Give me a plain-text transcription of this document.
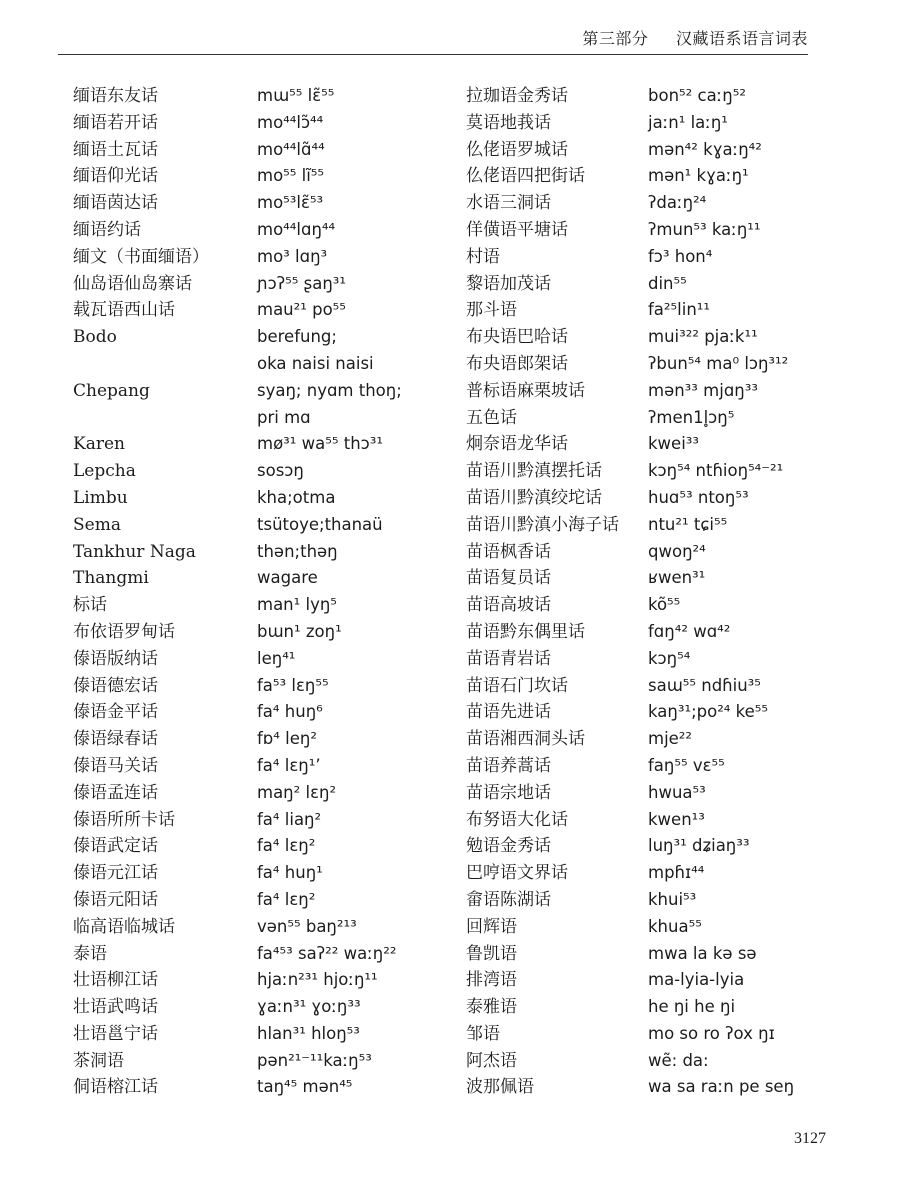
第三部分 汉藏语系语言词表
缅语东友话
缅语若开话
缅语土瓦话
缅语仰光话
缅语茵达话
缅语约话
缅文（书面缅语）
仙岛语仙岛寨话
载瓦语西山话
Bodo
Chepang
Karen
Lepcha
Limbu
Sema
Tankhur Naga
Thangmi
标话
布依语罗甸话
傣语版纳话
傣语德宏话
傣语金平话
傣语绿春话
傣语马关话
傣语孟连话
傣语所所卡话
傣语武定话
傣语元江话
傣语元阳话
临高语临城话
泰语
壮语柳江话
壮语武鸣话
壮语邕宁话
茶洞语
侗语榕江话
mɯ⁵⁵ lɛ̃⁵⁵
mo⁴⁴lɔ̃⁴⁴
mo⁴⁴lɑ̃⁴⁴
mo⁵⁵ lĩ⁵⁵
mo⁵³lɛ̃⁵³
mo⁴⁴lɑŋ⁴⁴
mo³ lɑŋ³
ɲɔʔ⁵⁵ ʂaŋ³¹
mau²¹ po⁵⁵
berefung;
oka naisi naisi
syaŋ; nyɑm thoŋ;
pri mɑ
mø³¹ wa⁵⁵ thɔ³¹
sosɔŋ
kha;otma
tsütoye;thanaü
thən;thəŋ
wagare
man¹ lyŋ⁵
bɯn¹ zoŋ¹
leŋ⁴¹
fa⁵³ lɛŋ⁵⁵
fa⁴ huŋ⁶
fɒ⁴ leŋ²
fa⁴ lɛŋ¹’
maŋ² lɛŋ²
fa⁴ liaŋ²
fa⁴ lɛŋ²
fa⁴ huŋ¹
fa⁴ lɛŋ²
vən⁵⁵ baŋ²¹³
fa⁴⁵³ saʔ²² waːŋ²²
hjaːn²³¹ hjoːŋ¹¹
ɣaːn³¹ ɣoːŋ³³
hlan³¹ hloŋ⁵³
pən²¹⁻¹¹kaːŋ⁵³
taŋ⁴⁵ mən⁴⁵
拉珈语金秀话
莫语地莪话
仫佬语罗城话
仫佬语四把街话
水语三洞话
佯僙语平塘话
村语
黎语加茂话
那斗语
布央语巴哈话
布央语郎架话
普标语麻栗坡话
五色话
炯奈语龙华话
苗语川黔滇摆托话
苗语川黔滇绞坨话
苗语川黔滇小海子话
苗语枫香话
苗语复员话
苗语高坡话
苗语黔东偶里话
苗语青岩话
苗语石门坎话
苗语先进话
苗语湘西洞头话
苗语养蒿话
苗语宗地话
布努语大化话
勉语金秀话
巴哼语文界话
畲语陈湖话
回辉语
鲁凯语
排湾语
泰雅语
邹语
阿杰语
波那佩语
bon⁵² caːŋ⁵²
jaːn¹ laːŋ¹
mən⁴² kɣaːŋ⁴²
mən¹ kɣaːŋ¹
ʔdaːŋ²⁴
ʔmun⁵³ kaːŋ¹¹
fɔ³ hon⁴
din⁵⁵
fa²⁵lin¹¹
mui³²² pjaːk¹¹
ʔbun⁵⁴ ma⁰ lɔŋ³¹²
mən³³ mjɑŋ³³
ʔmen1l̥ɔŋ⁵
kwei³³
kɔŋ⁵⁴ ntɦioŋ⁵⁴⁻²¹
huɑ⁵³ ntoŋ⁵³
ntu²¹ tɕi⁵⁵
qwoŋ²⁴
ʁwen³¹
kõ⁵⁵
fɑŋ⁴² wɑ⁴²
kɔŋ⁵⁴
saɯ⁵⁵ ndɦiu³⁵
kaŋ³¹;po²⁴ ke⁵⁵
mje²²
faŋ⁵⁵ vɛ⁵⁵
hwua⁵³
kwen¹³
luŋ³¹ dʑiaŋ³³
mpɦɪ⁴⁴
khui⁵³
khua⁵⁵
mwa la kə sə
ma-lyia-lyia
he ŋi he ŋi
mo so ro ʔox ŋɪ
wẽ: da:
wa sa raːn pe seŋ
3127
